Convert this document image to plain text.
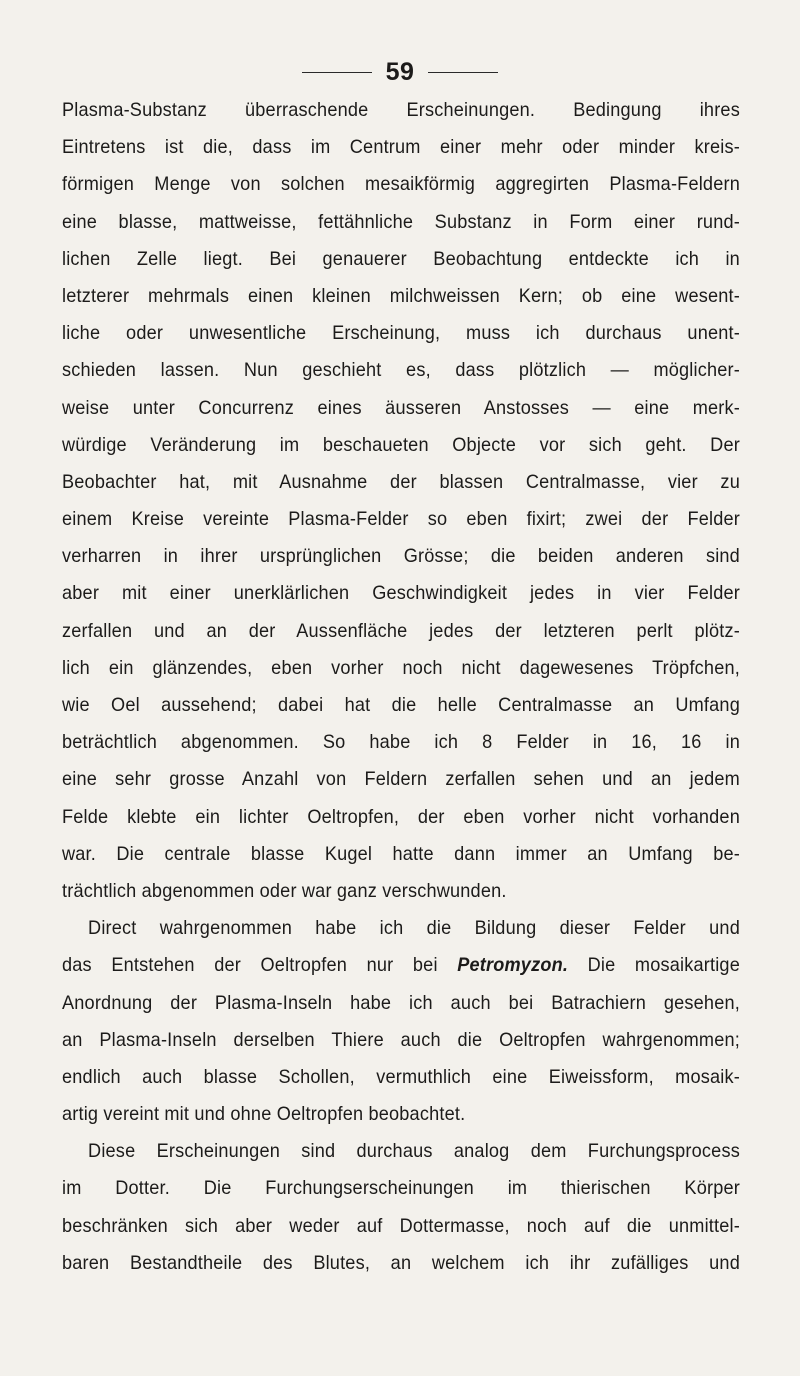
59
Plasma-Substanz überraschende Erscheinungen. Bedingung ihres
Eintretens ist die, dass im Centrum einer mehr oder minder kreis-
förmigen Menge von solchen mesaikförmig aggregirten Plasma-Feldern
eine blasse, mattweisse, fettähnliche Substanz in Form einer rund-
lichen Zelle liegt. Bei genauerer Beobachtung entdeckte ich in
letzterer mehrmals einen kleinen milchweissen Kern; ob eine wesent-
liche oder unwesentliche Erscheinung, muss ich durchaus unent-
schieden lassen. Nun geschieht es, dass plötzlich — möglicher-
weise unter Concurrenz eines äusseren Anstosses — eine merk-
würdige Veränderung im beschaueten Objecte vor sich geht. Der
Beobachter hat, mit Ausnahme der blassen Centralmasse, vier zu
einem Kreise vereinte Plasma-Felder so eben fixirt; zwei der Felder
verharren in ihrer ursprünglichen Grösse; die beiden anderen sind
aber mit einer unerklärlichen Geschwindigkeit jedes in vier Felder
zerfallen und an der Aussenfläche jedes der letzteren perlt plötz-
lich ein glänzendes, eben vorher noch nicht dagewesenes Tröpfchen,
wie Oel aussehend; dabei hat die helle Centralmasse an Umfang
beträchtlich abgenommen. So habe ich 8 Felder in 16, 16 in
eine sehr grosse Anzahl von Feldern zerfallen sehen und an jedem
Felde klebte ein lichter Oeltropfen, der eben vorher nicht vorhanden
war. Die centrale blasse Kugel hatte dann immer an Umfang be-
trächtlich abgenommen oder war ganz verschwunden.
Direct wahrgenommen habe ich die Bildung dieser Felder und
das Entstehen der Oeltropfen nur bei Petromyzon. Die mosaikartige
Anordnung der Plasma-Inseln habe ich auch bei Batrachiern gesehen,
an Plasma-Inseln derselben Thiere auch die Oeltropfen wahrgenommen;
endlich auch blasse Schollen, vermuthlich eine Eiweissform, mosaik-
artig vereint mit und ohne Oeltropfen beobachtet.
Diese Erscheinungen sind durchaus analog dem Furchungsprocess
im Dotter. Die Furchungserscheinungen im thierischen Körper
beschränken sich aber weder auf Dottermasse, noch auf die unmittel-
baren Bestandtheile des Blutes, an welchem ich ihr zufälliges und
